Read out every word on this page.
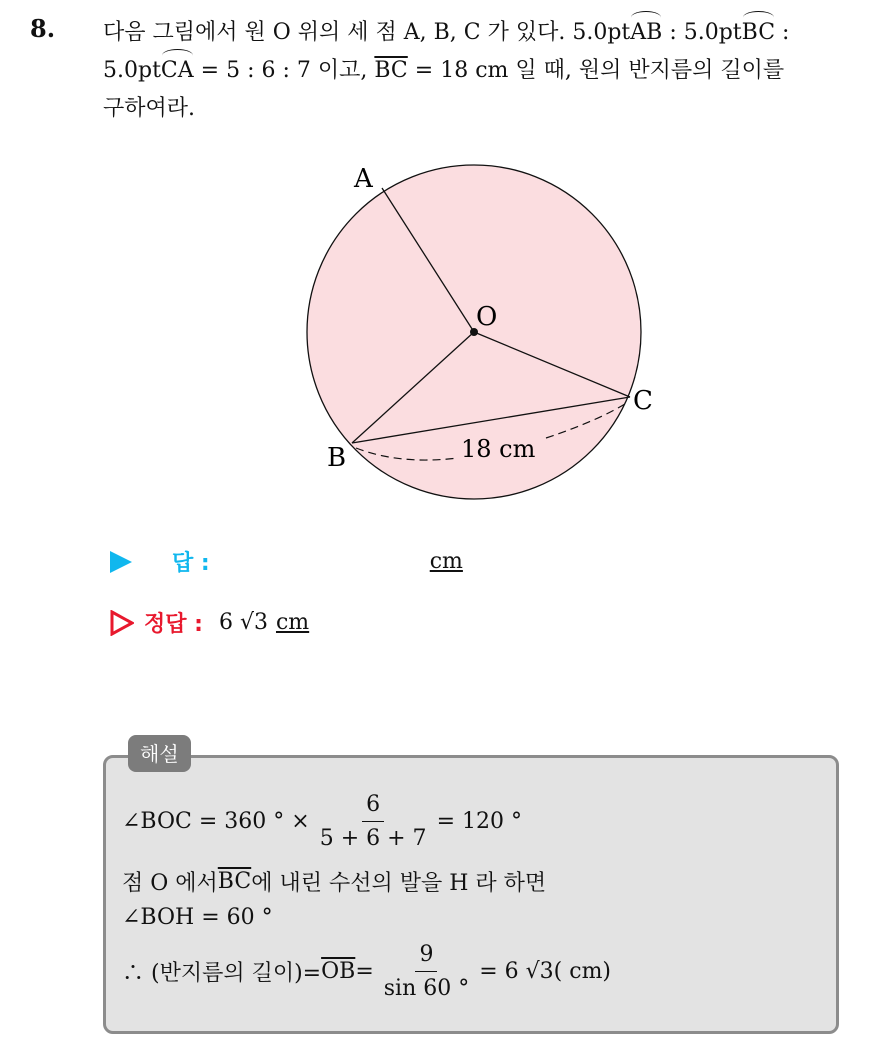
8. 다음 그림에서 원 O 위의 세 점 A, B, C 가 있다. 5.0ptAB : 5.0ptBC :
5.0ptCA = 5 : 6 : 7 이고, $\overline{BC} = 18$ cm 일 때, 원의 반지름의 길이를
구하여라.
A
O
C
B	18 cm
답 :	cm
정답 : 6 √3 cm
해설
∠BOC = 360 ° × $\frac{6}{5 + 6 + 7} = 120$ °
점 O 에서 $\overline{BC}$ 에 내린 수선의 발을 H 라 하면
∠BOH = 60 °
∴ (반지름의 길이)= $\overline{OB} = \frac{9}{\sin 60 ^\circ} = 6$ √3( cm)
